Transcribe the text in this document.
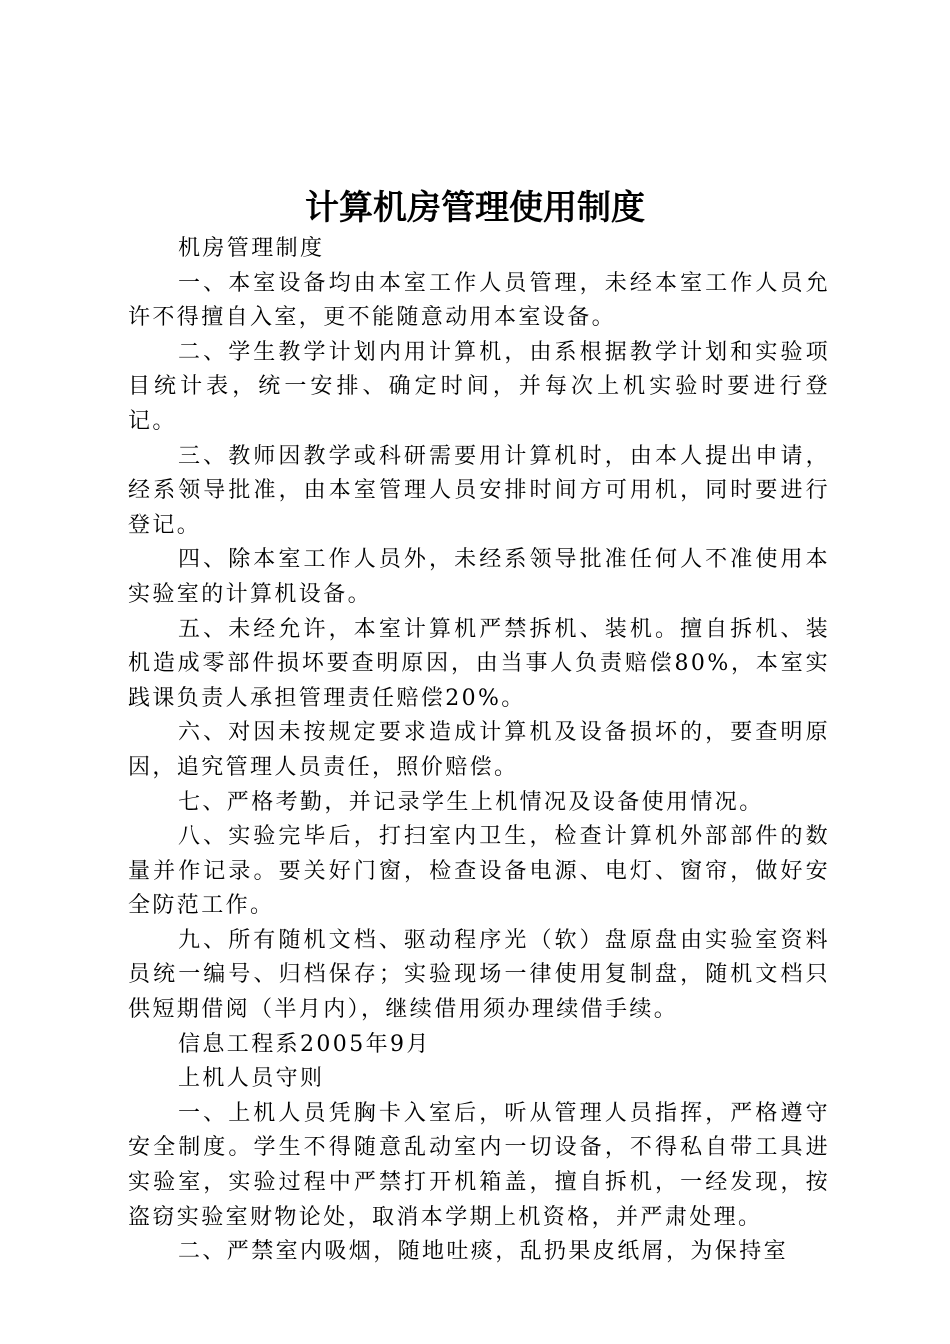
计算机房管理使用制度

机房管理制度

一、本室设备均由本室工作人员管理，未经本室工作人员允许不得擅自入室，更不能随意动用本室设备。

二、学生教学计划内用计算机，由系根据教学计划和实验项目统计表，统一安排、确定时间，并每次上机实验时要进行登记。

三、教师因教学或科研需要用计算机时，由本人提出申请，经系领导批准，由本室管理人员安排时间方可用机，同时要进行登记。

四、除本室工作人员外，未经系领导批准任何人不准使用本实验室的计算机设备。

五、未经允许，本室计算机严禁拆机、装机。擅自拆机、装机造成零部件损坏要查明原因，由当事人负责赔偿80%，本室实践课负责人承担管理责任赔偿20%。

六、对因未按规定要求造成计算机及设备损坏的，要查明原因，追究管理人员责任，照价赔偿。

七、严格考勤，并记录学生上机情况及设备使用情况。

八、实验完毕后，打扫室内卫生，检查计算机外部部件的数量并作记录。要关好门窗，检查设备电源、电灯、窗帘，做好安全防范工作。

九、所有随机文档、驱动程序光（软）盘原盘由实验室资料员统一编号、归档保存；实验现场一律使用复制盘，随机文档只供短期借阅（半月内），继续借用须办理续借手续。

信息工程系2005年9月

上机人员守则

一、上机人员凭胸卡入室后，听从管理人员指挥，严格遵守安全制度。学生不得随意乱动室内一切设备，不得私自带工具进实验室，实验过程中严禁打开机箱盖，擅自拆机，一经发现，按盗窃实验室财物论处，取消本学期上机资格，并严肃处理。

二、严禁室内吸烟，随地吐痰，乱扔果皮纸屑，为保持室
